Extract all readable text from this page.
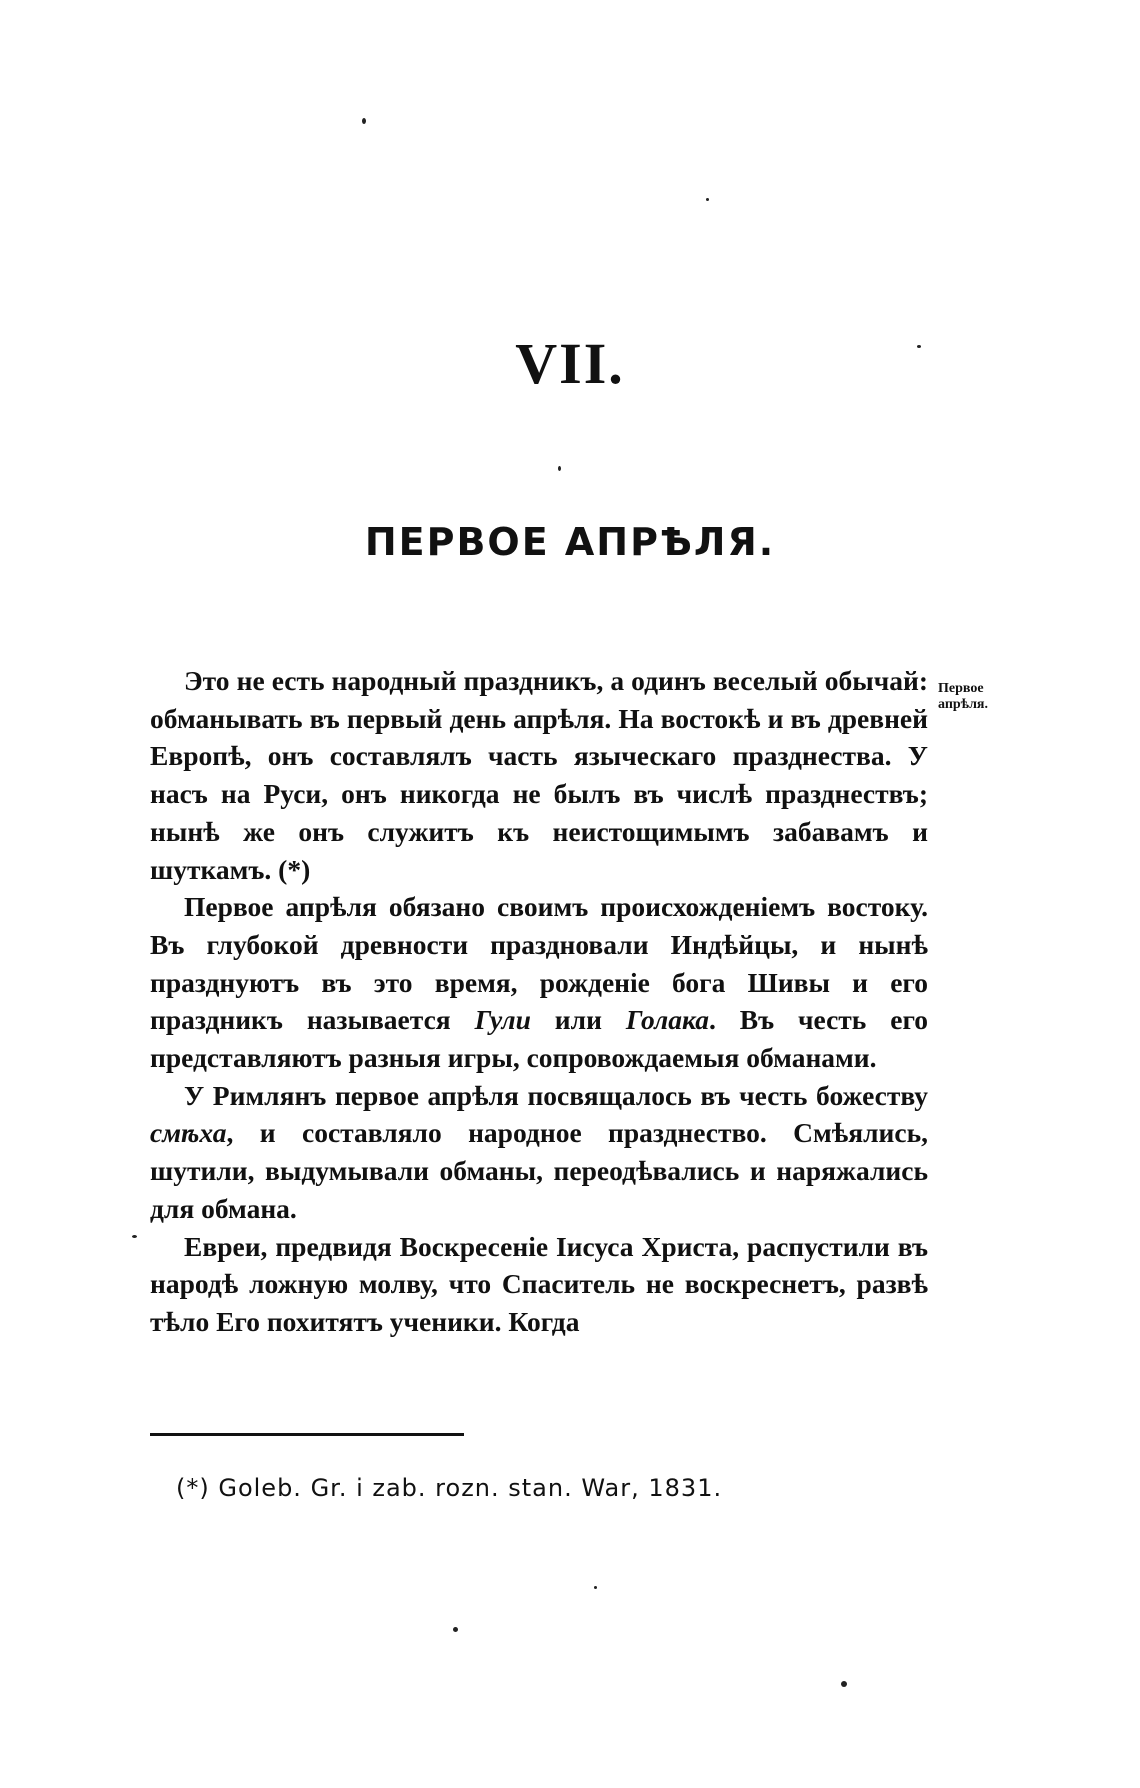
VII.
ПЕРВОЕ АПРѢЛЯ.
Первое апрѣля.

Это не есть народный праздникъ, а одинъ веселый обычай: обманывать въ первый день апрѣля. На востокѣ и въ древней Европѣ, онъ составлялъ часть языческаго празднества. У насъ на Руси, онъ никогда не былъ въ числѣ празднествъ; нынѣ же онъ служитъ къ неистощимымъ забавамъ и шуткамъ. (*)

Первое апрѣля обязано своимъ происхожденіемъ востоку. Въ глубокой древности праздновали Индѣйцы, и нынѣ празднуютъ въ это время, рожденіе бога Шивы и его праздникъ называется Гули или Голака. Въ честь его представляютъ разныя игры, сопровождаемыя обманами.

У Римлянъ первое апрѣля посвящалось въ честь божеству смѣха, и составляло народное празднество. Смѣялись, шутили, выдумывали обманы, переодѣвались и наряжались для обмана.

Евреи, предвидя Воскресеніе Іисуса Христа, распустили въ народѣ ложную молву, что Спаситель не воскреснетъ, развѣ тѣло Его похитятъ ученики. Когда

(*) Goleb. Gr. i zab. rozn. stan. War, 1831.
